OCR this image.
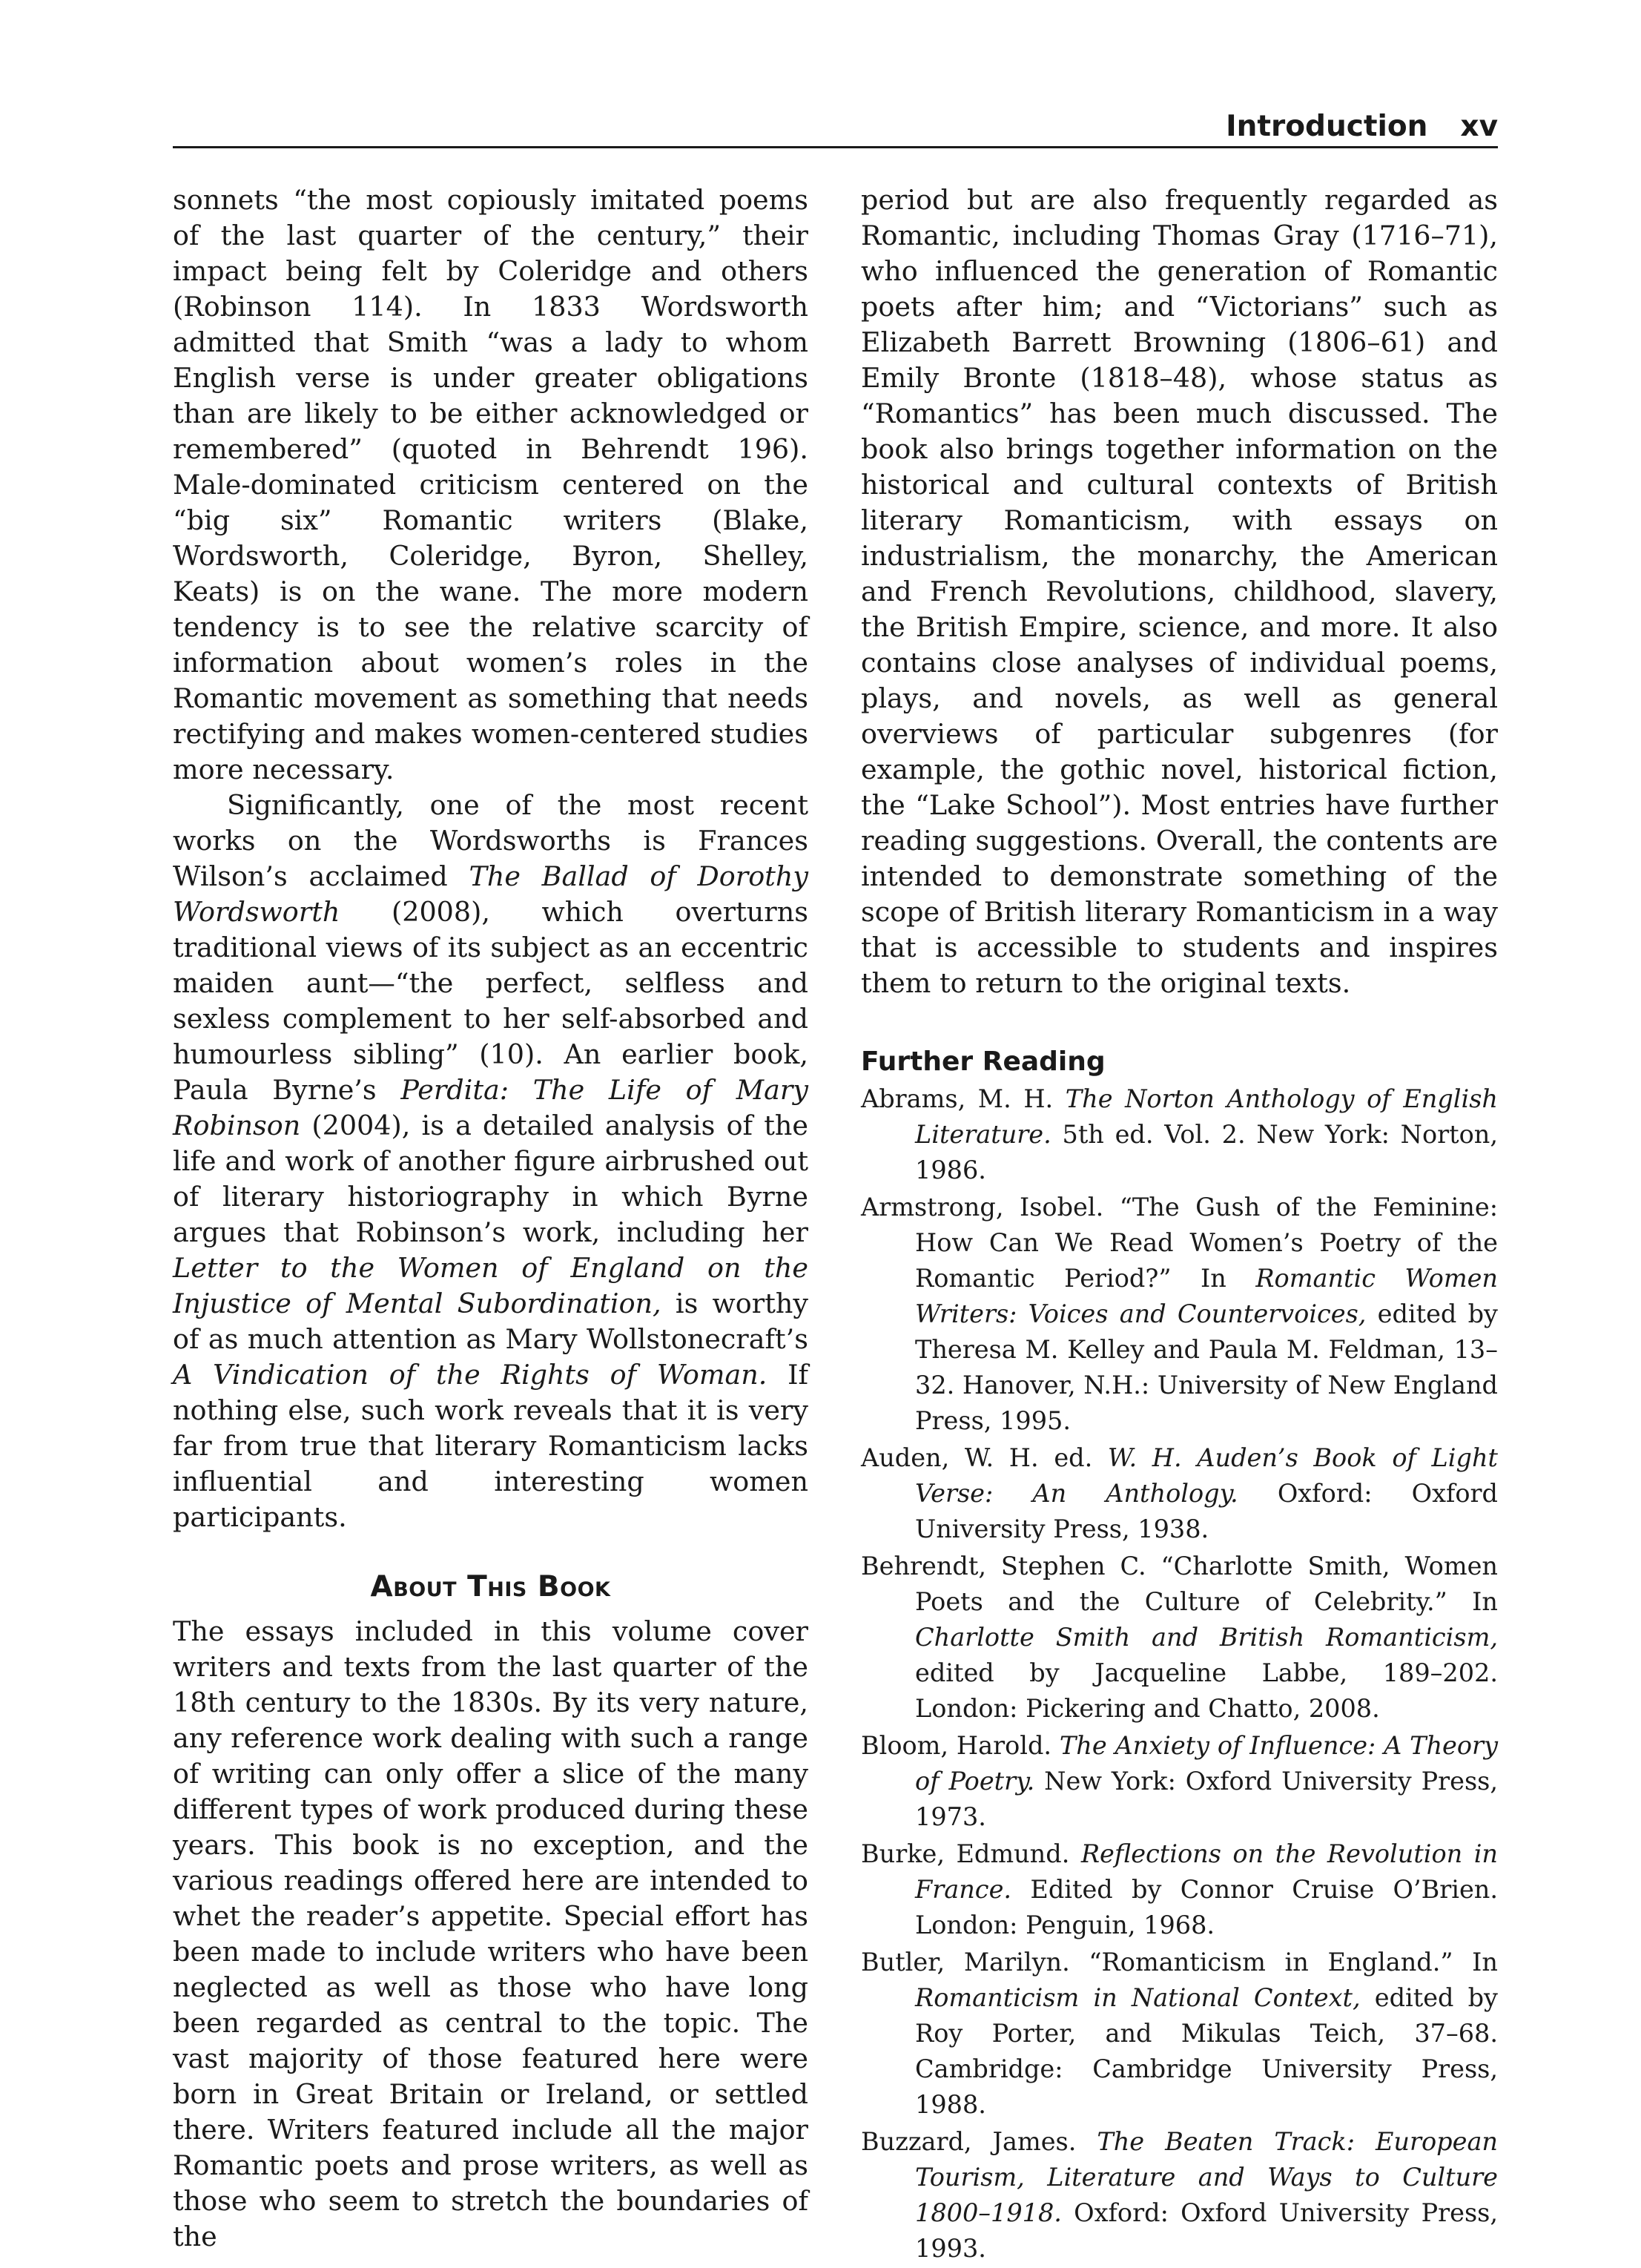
Introduction xv

sonnets “the most copiously imitated poems of the last quarter of the century,” their impact being felt by Coleridge and others (Robinson 114). In 1833 Wordsworth admitted that Smith “was a lady to whom English verse is under greater obligations than are likely to be either acknowledged or remembered” (quoted in Behrendt 196). Male-dominated criticism centered on the “big six” Romantic writers (Blake, Wordsworth, Coleridge, Byron, Shelley, Keats) is on the wane. The more modern tendency is to see the relative scarcity of information about women’s roles in the Romantic movement as something that needs rectifying and makes women-centered studies more necessary.

Significantly, one of the most recent works on the Wordsworths is Frances Wilson’s acclaimed The Ballad of Dorothy Wordsworth (2008), which overturns traditional views of its subject as an eccentric maiden aunt—“the perfect, selfless and sexless complement to her self-absorbed and humourless sibling” (10). An earlier book, Paula Byrne’s Perdita: The Life of Mary Robinson (2004), is a detailed analysis of the life and work of another figure airbrushed out of literary historiography in which Byrne argues that Robinson’s work, including her Letter to the Women of England on the Injustice of Mental Subordination, is worthy of as much attention as Mary Wollstonecraft’s A Vindication of the Rights of Woman. If nothing else, such work reveals that it is very far from true that literary Romanticism lacks influential and interesting women participants.

About This Book

The essays included in this volume cover writers and texts from the last quarter of the 18th century to the 1830s. By its very nature, any reference work dealing with such a range of writing can only offer a slice of the many different types of work produced during these years. This book is no exception, and the various readings offered here are intended to whet the reader’s appetite. Special effort has been made to include writers who have been neglected as well as those who have long been regarded as central to the topic. The vast majority of those featured here were born in Great Britain or Ireland, or settled there. Writers featured include all the major Romantic poets and prose writers, as well as those who seem to stretch the boundaries of the

period but are also frequently regarded as Romantic, including Thomas Gray (1716–71), who influenced the generation of Romantic poets after him; and “Victorians” such as Elizabeth Barrett Browning (1806–61) and Emily Bronte (1818–48), whose status as “Romantics” has been much discussed. The book also brings together information on the historical and cultural contexts of British literary Romanticism, with essays on industrialism, the monarchy, the American and French Revolutions, childhood, slavery, the British Empire, science, and more. It also contains close analyses of individual poems, plays, and novels, as well as general overviews of particular subgenres (for example, the gothic novel, historical fiction, the “Lake School”). Most entries have further reading suggestions. Overall, the contents are intended to demonstrate something of the scope of British literary Romanticism in a way that is accessible to students and inspires them to return to the original texts.

Further Reading
Abrams, M. H. The Norton Anthology of English Literature. 5th ed. Vol. 2. New York: Norton, 1986.
Armstrong, Isobel. “The Gush of the Feminine: How Can We Read Women’s Poetry of the Romantic Period?” In Romantic Women Writers: Voices and Countervoices, edited by Theresa M. Kelley and Paula M. Feldman, 13–32. Hanover, N.H.: University of New England Press, 1995.
Auden, W. H. ed. W. H. Auden’s Book of Light Verse: An Anthology. Oxford: Oxford University Press, 1938.
Behrendt, Stephen C. “Charlotte Smith, Women Poets and the Culture of Celebrity.” In Charlotte Smith and British Romanticism, edited by Jacqueline Labbe, 189–202. London: Pickering and Chatto, 2008.
Bloom, Harold. The Anxiety of Influence: A Theory of Poetry. New York: Oxford University Press, 1973.
Burke, Edmund. Reflections on the Revolution in France. Edited by Connor Cruise O’Brien. London: Penguin, 1968.
Butler, Marilyn. “Romanticism in England.” In Romanticism in National Context, edited by Roy Porter, and Mikulas Teich, 37–68. Cambridge: Cambridge University Press, 1988.
Buzzard, James. The Beaten Track: European Tourism, Literature and Ways to Culture 1800–1918. Oxford: Oxford University Press, 1993.
